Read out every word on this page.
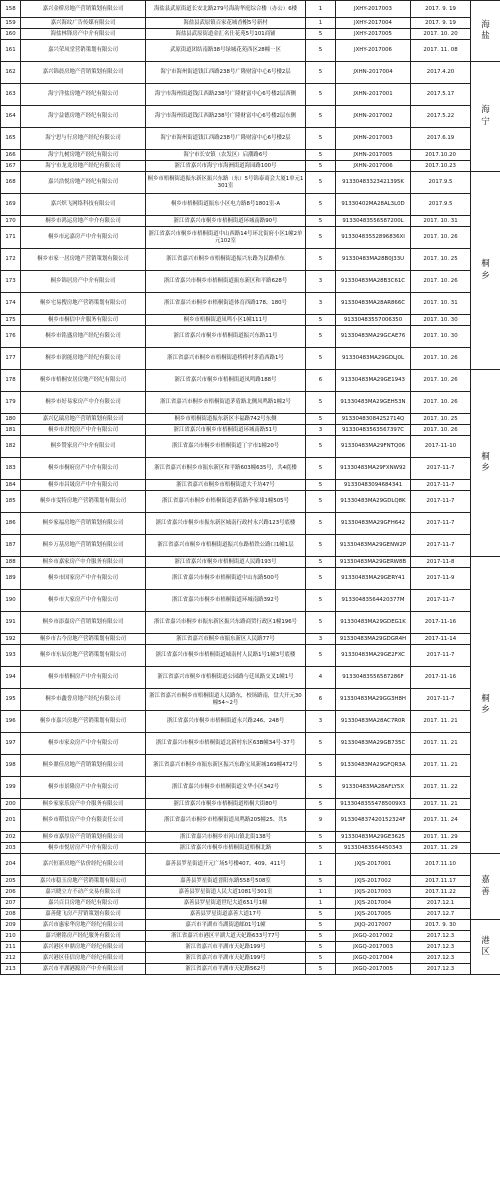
158	嘉兴金桥房地产营销策划有限公司	海盐县武原街道长安北路279号海韵华庭综合楼（办公）6楼	1	JXHY-2017003	2017. 9. 19	海
盐

159	嘉兴海纹广告传媒有限公司	海盐县武原镇百家花城香榭5号新村	1	JXHY-2017004	2017. 9. 19	
160	海盐林锋房产中介有限公司	海盐县武原街道金汇名仕花苑5号101商铺	5	JXHY-2017005	2017. 10. 20	
161	嘉兴荣凤堂营销策划有限公司	武原街道团结南路38号绿城花苑西区28幢一区	5	JXHY-2017006	2017. 11. 08	
162	嘉兴锦晨房地产营销策划有限公司	海宁市海州街道钱江西路238号广隆财富中心6号楼2层	5	JXHN-2017004	2017.4.20	海
宁

163	海宁洋盐房地产经纪有限公司	海宁市海州街道钱江西路238号广隆财富中心6号楼2层西侧	5	JXHN-2017001	2017.5.17	
164	海宁益德房地产经纪有限公司	海宁市海州街道钱江西路238号广隆财富中心6号楼2层东侧	5	JXHN-2017002	2017.5.22	
165	海宁思与行房地产经纪有限公司	海宁市海州街道钱江西路238号广隆财富中心6号楼2层	5	JXHN-2017003	2017.6.19	
166	海宁九树房地产经纪有限公司	海宁市长安镇（农发区）启潮路6号	5	JXHN-2017005	2017.10.20	
167	海宁市龙龙房地产经纪有限公司	浙江省嘉兴市海宁市海洲街道海园路100号	5	JXHN-2017006	2017.10.23	
168	嘉兴浩悦房地产经纪有限公司	桐乡市梧桐街道振东新区振兴东路（东）5号锦泰商会大厦1单元1301室	5	91330483323421395K	2017.9.5	桐
乡

169	嘉兴炽飞网络科技有限公司	桐乡市梧桐街道振东小区电力路8号1801室-A	5	91330402MA28AL3L0D	2017.9.5	
170	桐乡市鸿运房地产中介有限公司	浙江省嘉兴市桐乡市梧桐街道环城南路90号	5	91330483556587200L	2017. 10. 31	
171	桐乡市远嘉房产中介有限公司	浙江省嘉兴市桐乡市梧桐街道中山西路14号环北街府小区1幢2单元102室	5	91330483552896836XI	2017. 10. 26	
172	桐乡市家一居房地产营销策划有限公司	浙江省嘉兴市桐乡市梧桐街道振兴东路为民路桥东	5	91330483MA28B0J33U	2017. 10. 25	
173	桐乡锦居房产中介有限公司	浙江省嘉兴市桐乡市梧桐街道振东新区和平路628号	3	91330483MA28B3C61C	2017. 10. 26	
174	桐乡宅易搜房地产营销策划有限公司	浙江省嘉兴市桐乡市梧桐街道体育西路178、180号	3	91330483MA28AR866C	2017. 10. 31	
175	桐乡市桐信中介服务有限公司	桐乡市梧桐街道凤鸣小区1幢111号	5	91330483557006350	2017. 10. 30	
176	桐乡市铭盛房地产经纪有限公司	浙江省嘉兴市桐乡市梧桐街道振兴东路11号	5	91330483MA29GCAE76	2017. 10. 30	
177	桐乡市润能房地产经纪有限公司	浙江省嘉兴市桐乡市梧桐街道桥桥村茅盾西路1号	5	91330483MA29GDLJ0L	2017. 10. 26	
178	桐乡市梧桐安居房地产经纪有限公司	浙江省嘉兴市桐乡市梧桐街道凤鸣路188号	6	91330483MA29GE1943	2017. 10. 26	桐
乡

179	桐乡市好易家房产中介有限公司	浙江省嘉兴市桐乡市梧桐街道茅盾路北侧凤鸣路1幢2号	5	91330483MA29GEH53N	2017. 10. 26	
180	嘉兴亿瑞房地产营销策划有限公司	桐乡市梧桐街道振东新区丰福路742号东侧	5	91330483084252714Q	2017. 10. 25	
181	桐乡市君悦房产中介有限公司	浙江省嘉兴市桐乡市梧桐街道环城南路51号	3	91330483563567397C	2017. 10. 26	
182	桐乡赞家房产中介有限公司	浙江省嘉兴市桐乡市梧桐街道丁宇市1幢20号	5	91330483MA29FNTQ06	2017-11-10	
183	桐乡市桐府房产中介有限公司	浙江省嘉兴市桐乡市振东新区和平路603幢635号，共4底楼	5	91330483MA29FXNW92	2017-11-7	
184	桐乡市昌晟房产中介有限公司	浙江省嘉兴市桐乡市梧桐街道大千坊47号	5	91330483094684341	2017-11-7	
185	桐乡市雯特房地产营销策划有限公司	浙江省嘉兴市桐乡市梧桐街道茅盾路李家埭1幢505号	5	91330483MA29GDLQ8K	2017-11-7	
186	桐乡家福房地产营销策划有限公司	浙江省嘉兴市桐乡市振东新区城南行政村永兴路123号底楼	5	91330483MA29GFH642	2017-11-7	
187	桐乡万基房地产营销策划有限公司	浙江省嘉兴市桐乡市梧桐街道振兴东路梧铁公路口1幢1层	5	91330483MA29GENW2P	2017-11-7	
188	桐乡市嘉家房产中介服务有限公司	浙江省嘉兴市桐乡市梧桐街道人民路193号	5	91330483MA29GERW8B	2017-11-8	桐
乡

189	桐乡市国家房产中介有限公司	浙江省嘉兴市桐乡市梧桐街道中山东路500号	5	91330483MA29GERY41	2017-11-9	
190	桐乡市大家房产中介有限公司	浙江省嘉兴市桐乡市梧桐街道环城南路392号	5	91330483564420377M	2017-11-7	
191	桐乡市添嘉房产营销策划有限公司	浙江省嘉兴市桐乡市振东新区振兴东路商贸行政区1幢196号	5	91330483MA29GDEG1K	2017-11-16	
192	桐乡市古今房地产营销策划有限公司	浙江省嘉兴市桐乡市振东新区人民路77号	3	91330483MA29GDGR4H	2017-11-14	
193	桐乡市东辰房地产营销策划有限公司	浙江省嘉兴市桐乡市梧桐街道城南村人民路1号1幢3号底楼	5	91330483MA29GE2FXC	2017-11-7	
194	桐乡市梧桐房产中介有限公司	浙江省嘉兴市桐乡市梧桐街道公园路与廷凤路交叉1幢1号	4	91330483556587286F	2017-11-16	
195	桐乡市鑫誉房地产经纪有限公司	浙江省嘉兴市桐乡市梧桐街道人民路东，校场路南，盘大开元30幢54~2号	6	91330483MA29GG3H8H	2017-11-7	
196	桐乡市嘉兴房地产营销策划有限公司	浙江省嘉兴市桐乡市梧桐街道永兴路246、248号	3	91330483MA28AC7R0R	2017. 11. 21	
197	桐乡市家众房产中介有限公司	浙江省嘉兴市桐乡市梧桐街道北新村东区63B幢34号-37号	5	91330483MA29GB735C	2017. 11. 21	
198	桐乡鼎佳房地产营销策划有限公司	浙江省嘉兴市桐乡市振东新区振兴东路宝凤新城169幢472号	5	91330483MA29GFQR3A	2017. 11. 21	
199	桐乡市景隆房产中介有限公司	浙江省嘉兴市桐乡市梧桐街道文华小区342号	5	91330483MA28AFLY5X	2017. 11. 22	
200	桐乡家家乐房产中介服务有限公司	浙江省嘉兴市桐乡市梧桐街道梧桐大街80号	5	91330483554785009X3	2017. 11. 21	
201	桐乡市稻信房产中介有限责任公司	浙江省嘉兴市桐乡市梧桐街道凤鸣路205幢25、共5	9	913304837420152324F	2017. 11. 24	
202	桐乡市嘉厚房产营销策划有限公司	浙江省嘉兴市桐乡市河山镇北街138号	5	91330483MA29GE3625	2017. 11. 29	
203	桐乡市悦居房产中介有限公司	浙江省嘉兴市桐乡市梧桐街道梧桐北路	5	91330483564450343	2017. 11. 29	
204	嘉兴恒新房地产估价经纪有限公司	嘉善县罗星街道开元广场5号楼407、409、411号	1	JXJS-2017001	2017.11.10	嘉
善

205	嘉兴市稳玉房地产营销策划有限公司	嘉善县罗星街道晋阳东路558号508室	5	JXJS-2017002	2017.11.17	
206	嘉兴晓立方不动产交易有限公司	嘉善县罗星街道人民大道1081号301室	1	JXJS-2017003	2017.11.22	
207	嘉兴百目房地产经纪有限公司	嘉善县罗星街道世纪大道651号1幢	1	JXJS-2017004	2017.12.1	
208	嘉善健飞房产营销策划有限公司	嘉善县罗星街道嘉善大道17号	5	JXJS-2017005	2017.12.7	
209	嘉兴市惠家华房地产经纪有限公司	嘉兴市平湖市当湖街道邮01号1幢	5	JXJQ-2017007	2017. 9. 30	港
区

210	嘉兴聚铭房产经纪服务有限公司	浙江省嘉兴市港区平湖大道天妃路633号77号	5	JXGQ-2017002	2017.12.3	
211	嘉兴港区申鼎房地产经纪有限公司	浙江省嘉兴市平湖市天妃路199号	5	JXGQ-2017003	2017.12.3	
212	嘉兴港区佳信房地产经纪有限公司	浙江省嘉兴市平湖市天妃路199号	5	JXGQ-2017004	2017.12.3	
213	嘉兴市平湖港源房产中介有限公司	浙江省嘉兴市平湖市天妃路562号	5	JXGQ-2017005	2017.12.3	
